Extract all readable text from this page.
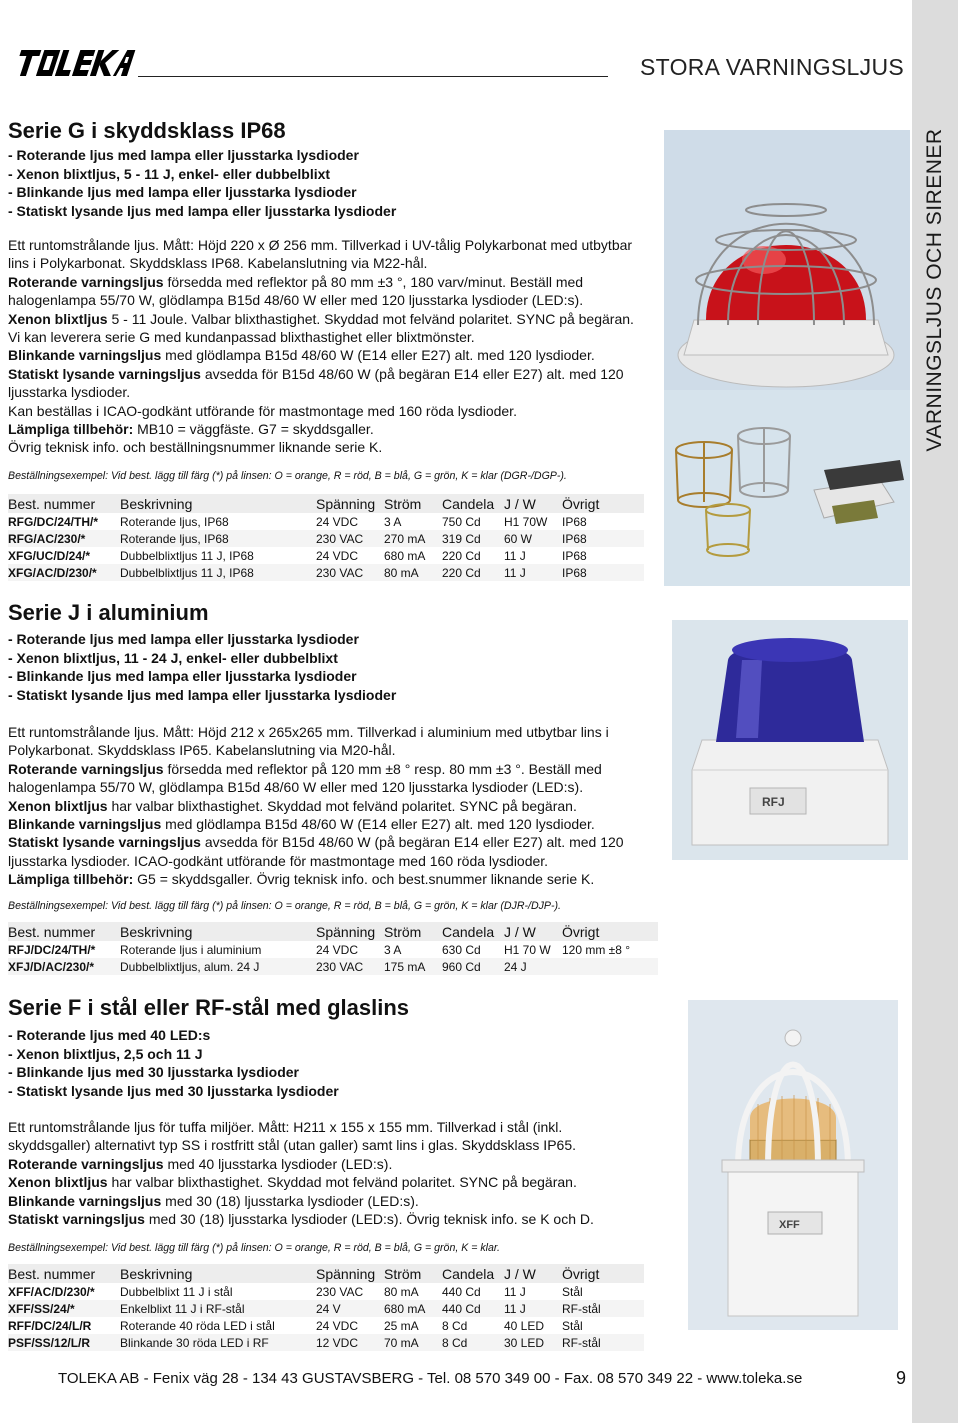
STORA VARNINGSLJUS
VARNINGSLJUS OCH SIRENER
Serie G i skyddsklass IP68
- Roterande ljus med lampa eller ljusstarka lysdioder
- Xenon blixtljus, 5 - 11 J, enkel- eller dubbelblixt
- Blinkande ljus med lampa eller ljusstarka lysdioder
- Statiskt lysande ljus med lampa eller ljusstarka lysdioder
Ett runtomstrålande ljus. Mått: Höjd 220 x Ø 256 mm. Tillverkad i UV-tålig Polykarbonat med utbytbar lins i Polykarbonat. Skyddsklass IP68. Kabelanslutning via M22-hål.
Roterande varningsljus försedda med reflektor på 80 mm ±3 °, 180 varv/minut. Beställ med halogenlampa 55/70 W, glödlampa B15d 48/60 W eller med 120 ljusstarka lysdioder (LED:s).
Xenon blixtljus 5 - 11 Joule. Valbar blixthastighet. Skyddad mot felvänd polaritet. SYNC på begäran. Vi kan leverera serie G med kundanpassad blixthastighet eller blixtmönster.
Blinkande varningsljus med glödlampa B15d 48/60 W (E14 eller E27) alt. med 120 lysdioder.
Statiskt lysande varningsljus avsedda för B15d 48/60 W (på begäran E14 eller E27) alt. med 120 ljusstarka lysdioder.
Kan beställas i ICAO-godkänt utförande för mastmontage med 160 röda lysdioder.
Lämpliga tillbehör: MB10 = väggfäste. G7 = skyddsgaller.
Övrig teknisk info. och beställningsnummer liknande serie K.
Beställningsexempel: Vid best. lägg till färg (*) på linsen: O = orange, R = röd, B = blå, G = grön, K = klar (DGR-/DGP-).
Best. nummer	Beskrivning	Spänning	Ström	Candela	J / W	Övrigt
RFG/DC/24/TH/*	Roterande ljus, IP68	24 VDC	3 A	750 Cd	H1 70W	IP68
RFG/AC/230/*	Roterande ljus, IP68	230 VAC	270 mA	319 Cd	60 W	IP68
XFG/UC/D/24/*	Dubbelblixtljus 11 J, IP68	24 VDC	680 mA	220 Cd	11 J	IP68
XFG/AC/D/230/*	Dubbelblixtljus 11 J, IP68	230 VAC	80 mA	220 Cd	11 J	IP68
Serie J i aluminium
- Roterande ljus med lampa eller ljusstarka lysdioder
- Xenon blixtljus, 11 - 24 J, enkel- eller dubbelblixt
- Blinkande ljus med lampa eller ljusstarka lysdioder
- Statiskt lysande ljus med lampa eller ljusstarka lysdioder
Ett runtomstrålande ljus. Mått: Höjd 212 x 265x265 mm. Tillverkad i aluminium med utbytbar lins i Polykarbonat. Skyddsklass IP65. Kabelanslutning via M20-hål.
Roterande varningsljus försedda med reflektor på 120 mm ±8 ° resp. 80 mm ±3 °. Beställ med halogenlampa 55/70 W, glödlampa B15d 48/60 W eller med 120 ljusstarka lysdioder (LED:s).
Xenon blixtljus har valbar blixthastighet. Skyddad mot felvänd polaritet. SYNC på begäran.
Blinkande varningsljus med glödlampa B15d 48/60 W (E14 eller E27) alt. med 120 lysdioder.
Statiskt lysande varningsljus avsedda för B15d 48/60 W (på begäran E14 eller E27) alt. med 120 ljusstarka lysdioder. ICAO-godkänt utförande för mastmontage med 160 röda lysdioder.
Lämpliga tillbehör: G5 = skyddsgaller. Övrig teknisk info. och best.snummer liknande serie K.
Beställningsexempel: Vid best. lägg till färg (*) på linsen: O = orange, R = röd, B = blå, G = grön, K = klar (DJR-/DJP-).
Best. nummer	Beskrivning	Spänning	Ström	Candela	J / W	Övrigt
RFJ/DC/24/TH/*	Roterande ljus i aluminium	24 VDC	3 A	630 Cd	H1 70 W	120 mm ±8 °
XFJ/D/AC/230/*	Dubbelblixtljus, alum. 24 J	230 VAC	175 mA	960 Cd	24 J	
RFJ
Serie F i stål eller RF-stål med glaslins
- Roterande ljus med 40 LED:s
- Xenon blixtljus, 2,5 och 11 J
- Blinkande ljus med 30 ljusstarka lysdioder
- Statiskt lysande ljus med 30 ljusstarka lysdioder
Ett runtomstrålande ljus för tuffa miljöer. Mått: H211 x 155 x 155 mm. Tillverkad i stål (inkl. skyddsgaller) alternativt typ SS i rostfritt stål (utan galler) samt lins i glas. Skyddsklass IP65.
Roterande varningsljus med 40 ljusstarka lysdioder (LED:s).
Xenon blixtljus har valbar blixthastighet. Skyddad mot felvänd polaritet. SYNC på begäran.
Blinkande varningsljus med 30 (18) ljusstarka lysdioder (LED:s).
Statiskt varningsljus med 30 (18) ljusstarka lysdioder (LED:s). Övrig teknisk info. se K och D.
Beställningsexempel: Vid best. lägg till färg (*) på linsen: O = orange, R = röd, B = blå, G = grön, K = klar.
Best. nummer	Beskrivning	Spänning	Ström	Candela	J / W	Övrigt
XFF/AC/D/230/*	Dubbelblixt 11 J i stål	230 VAC	80 mA	440 Cd	11 J	Stål
XFF/SS/24/*	Enkelblixt 11 J i RF-stål	24 V	680 mA	440 Cd	11 J	RF-stål
RFF/DC/24/L/R	Roterande 40 röda LED i stål	24 VDC	25 mA	8 Cd	40 LED	Stål
PSF/SS/12/L/R	Blinkande 30 röda LED i RF	12 VDC	70 mA	8 Cd	30 LED	RF-stål
XFF
TOLEKA AB - Fenix väg 28 - 134 43 GUSTAVSBERG - Tel. 08 570 349 00 - Fax. 08 570 349 22 - www.toleka.se	9
